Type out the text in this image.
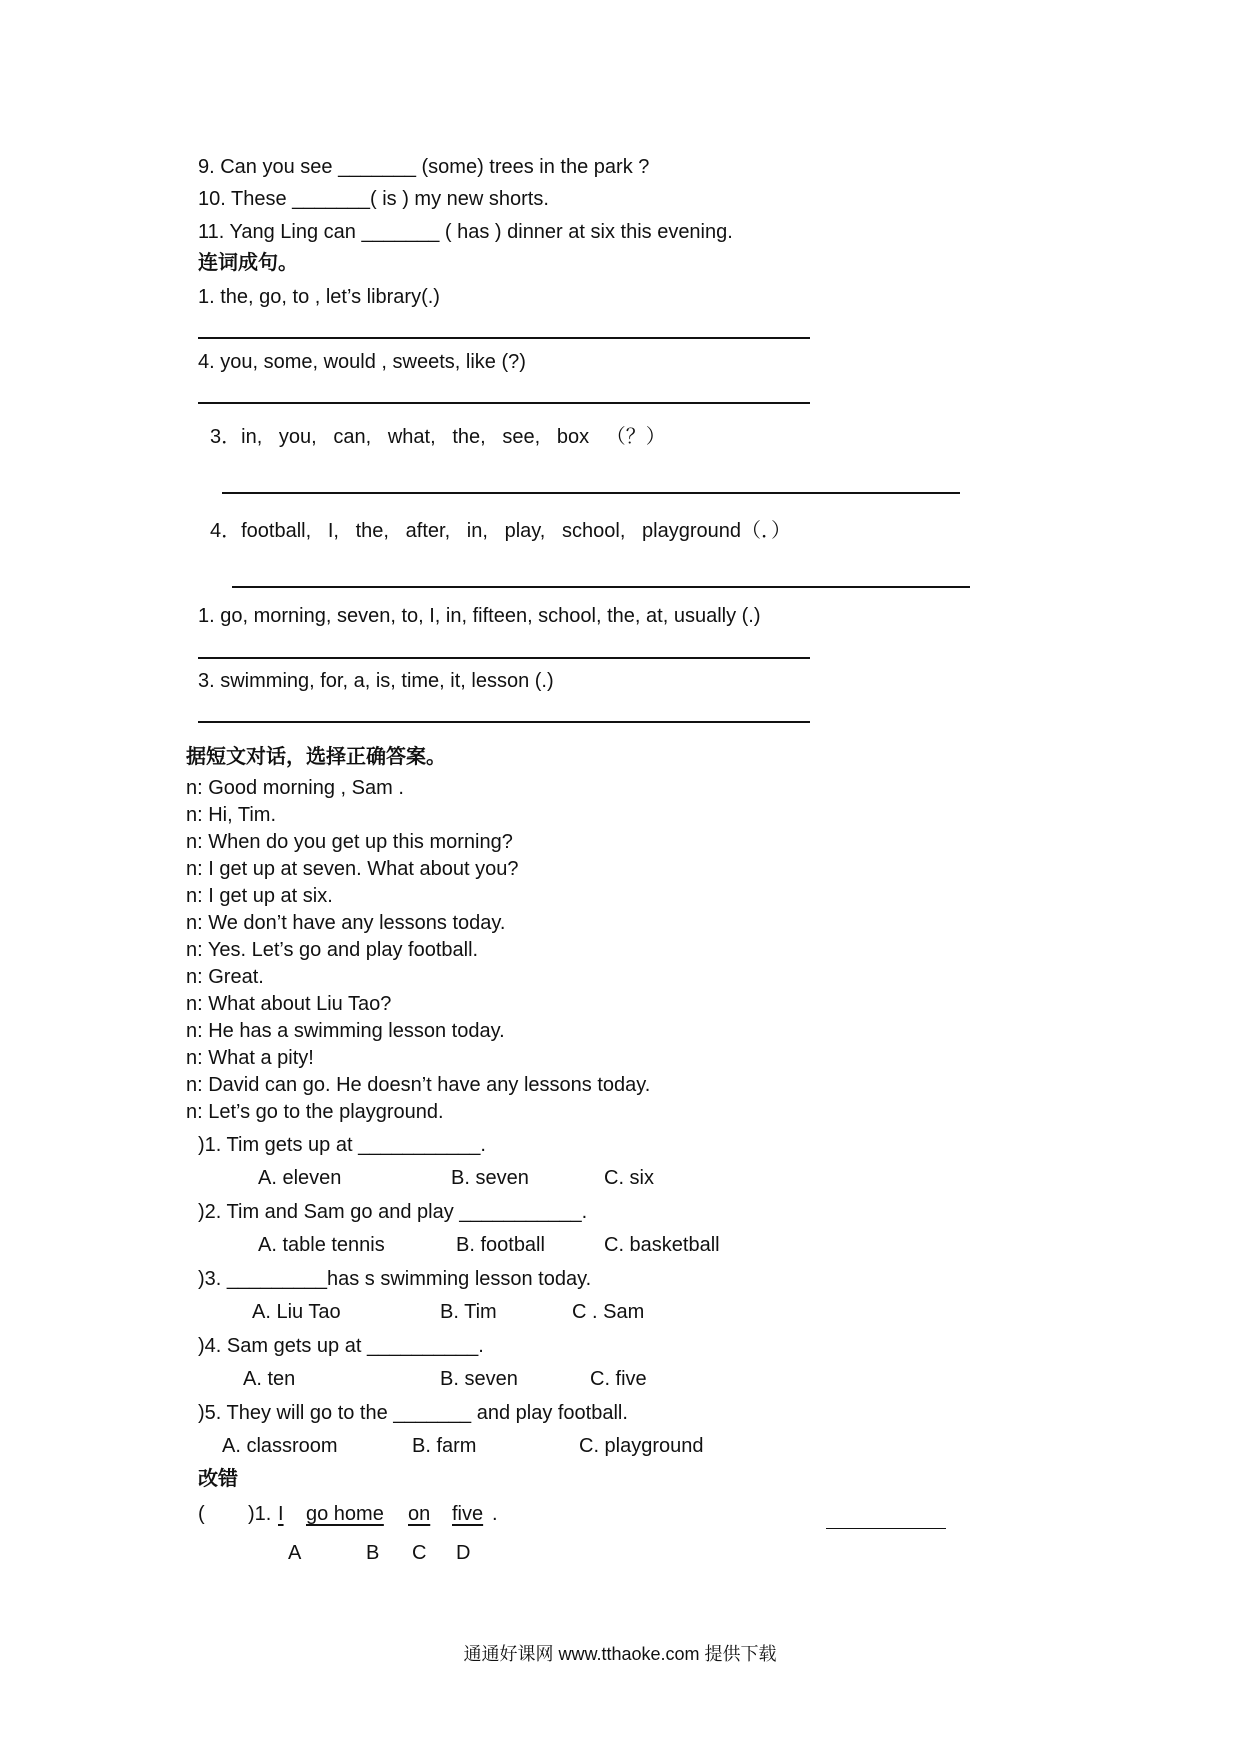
9. Can you see _______ (some) trees in the park ?
10. These _______( is ) my new shorts.
11. Yang Ling can _______ ( has ) dinner at six this evening.
连词成句。
1. the, go, to , let’s library(.)
4. you, some, would , sweets, like (?)
3．in,   you,   can,   what,   the,   see,   box   （？）
4．football,   I,   the,   after,   in,   play,   school,   playground（．）
1. go, morning, seven, to, I, in, fifteen, school, the, at, usually (.)
3. swimming, for, a, is, time, it, lesson (.)
据短文对话，选择正确答案。
n: Good morning , Sam .
n: Hi, Tim.
n: When do you get up this morning?
n: I get up at seven. What about you?
n: I get up at six.
n: We don’t have any lessons today.
n: Yes. Let’s go and play football.
n: Great.
n: What about Liu Tao?
n: He has a swimming lesson today.
n: What a pity!
n: David can go. He doesn’t have any lessons today.
n: Let’s go to the playground.
)1. Tim gets up at ___________.
A. eleven	B. seven	C. six
)2. Tim and Sam go and play ___________.
A. table tennis	B. football	C. basketball
)3. _________has s swimming lesson today.
A. Liu Tao	B. Tim	C . Sam
)4. Sam gets up at __________.
A. ten	B. seven	C. five
)5. They will go to the _______ and play football.
A. classroom	B. farm	C. playground
改错
( )1. I go home on five .
A	B C D
通通好课网 www.tthaoke.com 提供下载
